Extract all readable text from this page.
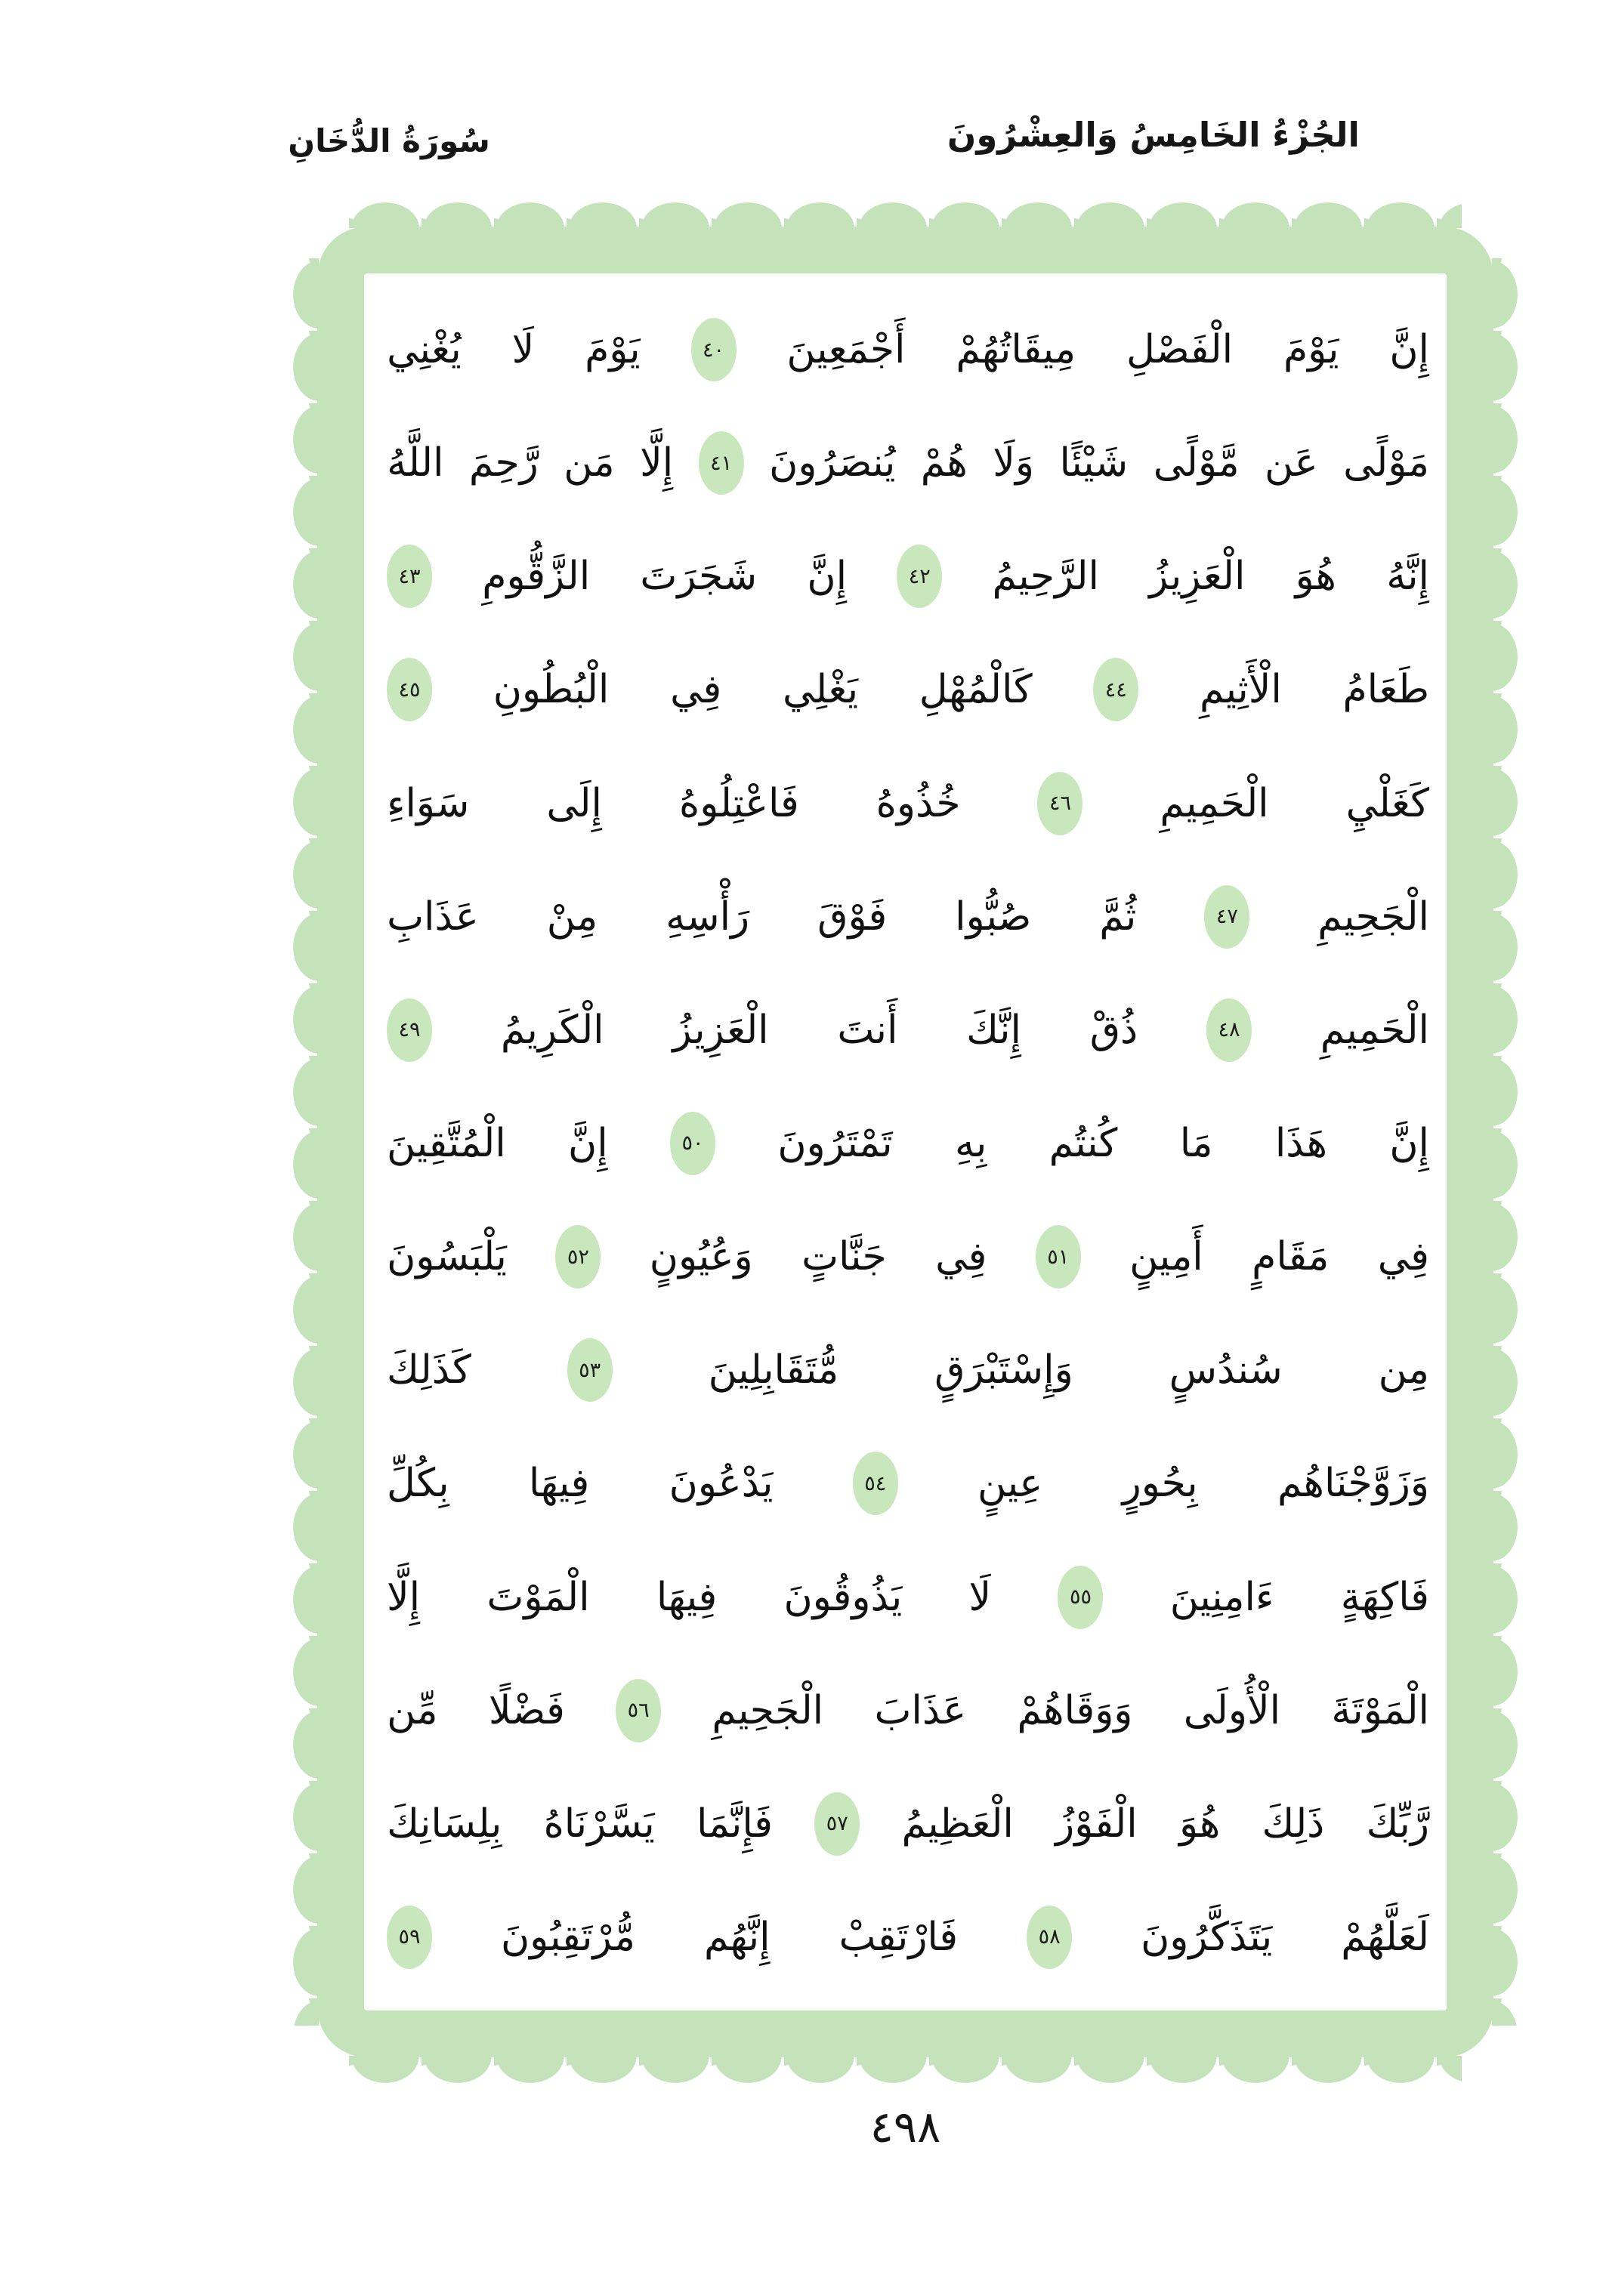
سُورَةُ الدُّخَانِ	الجُزْءُ الخَامِسُ وَالعِشْرُونَ
إِنَّ
يَوْمَ
الْفَصْلِ
مِيقَاتُهُمْ
أَجْمَعِينَ
٤٠
يَوْمَ
لَا
يُغْنِي
مَوْلًى
عَن
مَّوْلًى
شَيْئًا
وَلَا
هُمْ
يُنصَرُونَ
٤١
إِلَّا
مَن
رَّحِمَ
اللَّهُ
إِنَّهُ
هُوَ
الْعَزِيزُ
الرَّحِيمُ
٤٢
إِنَّ
شَجَرَتَ
الزَّقُّومِ
٤٣
طَعَامُ
الْأَثِيمِ
٤٤
كَالْمُهْلِ
يَغْلِي
فِي
الْبُطُونِ
٤٥
كَغَلْيِ
الْحَمِيمِ
٤٦
خُذُوهُ
فَاعْتِلُوهُ
إِلَى
سَوَاءِ
الْجَحِيمِ
٤٧
ثُمَّ
صُبُّوا
فَوْقَ
رَأْسِهِ
مِنْ
عَذَابِ
الْحَمِيمِ
٤٨
ذُقْ
إِنَّكَ
أَنتَ
الْعَزِيزُ
الْكَرِيمُ
٤٩
إِنَّ
هَذَا
مَا
كُنتُم
بِهِ
تَمْتَرُونَ
٥٠
إِنَّ
الْمُتَّقِينَ
فِي
مَقَامٍ
أَمِينٍ
٥١
فِي
جَنَّاتٍ
وَعُيُونٍ
٥٢
يَلْبَسُونَ
مِن
سُندُسٍ
وَإِسْتَبْرَقٍ
مُّتَقَابِلِينَ
٥٣
كَذَلِكَ
وَزَوَّجْنَاهُم
بِحُورٍ
عِينٍ
٥٤
يَدْعُونَ
فِيهَا
بِكُلِّ
فَاكِهَةٍ
ءَامِنِينَ
٥٥
لَا
يَذُوقُونَ
فِيهَا
الْمَوْتَ
إِلَّا
الْمَوْتَةَ
الْأُولَى
وَوَقَاهُمْ
عَذَابَ
الْجَحِيمِ
٥٦
فَضْلًا
مِّن
رَّبِّكَ
ذَلِكَ
هُوَ
الْفَوْزُ
الْعَظِيمُ
٥٧
فَإِنَّمَا
يَسَّرْنَاهُ
بِلِسَانِكَ
لَعَلَّهُمْ
يَتَذَكَّرُونَ
٥٨
فَارْتَقِبْ
إِنَّهُم
مُّرْتَقِبُونَ
٥٩
٤٩٨
